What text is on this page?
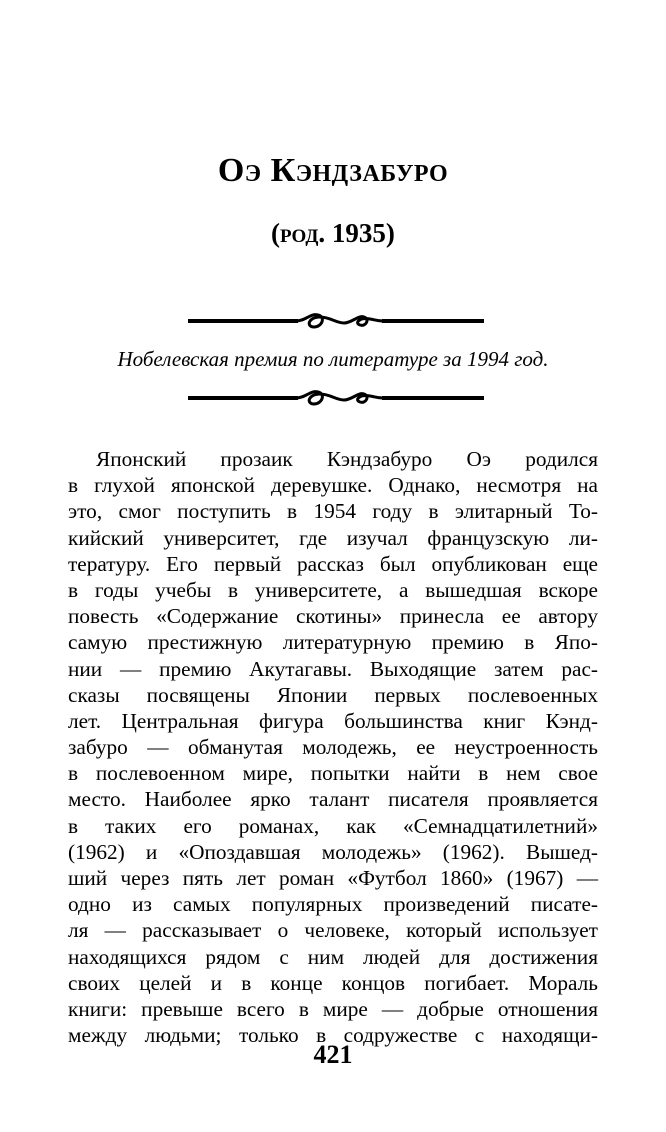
Оэ Кэндзабуро
(род. 1935)
Нобелевская премия по литературе за 1994 год.
Японский прозаик Кэндзабуро Оэ родился
в глухой японской деревушке. Однако, несмотря на
это, смог поступить в 1954 году в элитарный То-
кийский университет, где изучал французскую ли-
тературу. Его первый рассказ был опубликован еще
в годы учебы в университете, а вышедшая вскоре
повесть «Содержание скотины» принесла ее автору
самую престижную литературную премию в Япо-
нии — премию Акутагавы. Выходящие затем рас-
сказы посвящены Японии первых послевоенных
лет. Центральная фигура большинства книг Кэнд-
забуро — обманутая молодежь, ее неустроенность
в послевоенном мире, попытки найти в нем свое
место. Наиболее ярко талант писателя проявляется
в таких его романах, как «Семнадцатилетний»
(1962) и «Опоздавшая молодежь» (1962). Вышед-
ший через пять лет роман «Футбол 1860» (1967) —
одно из самых популярных произведений писате-
ля — рассказывает о человеке, который использует
находящихся рядом с ним людей для достижения
своих целей и в конце концов погибает. Мораль
книги: превыше всего в мире — добрые отношения
между людьми; только в содружестве с находящи-
421
